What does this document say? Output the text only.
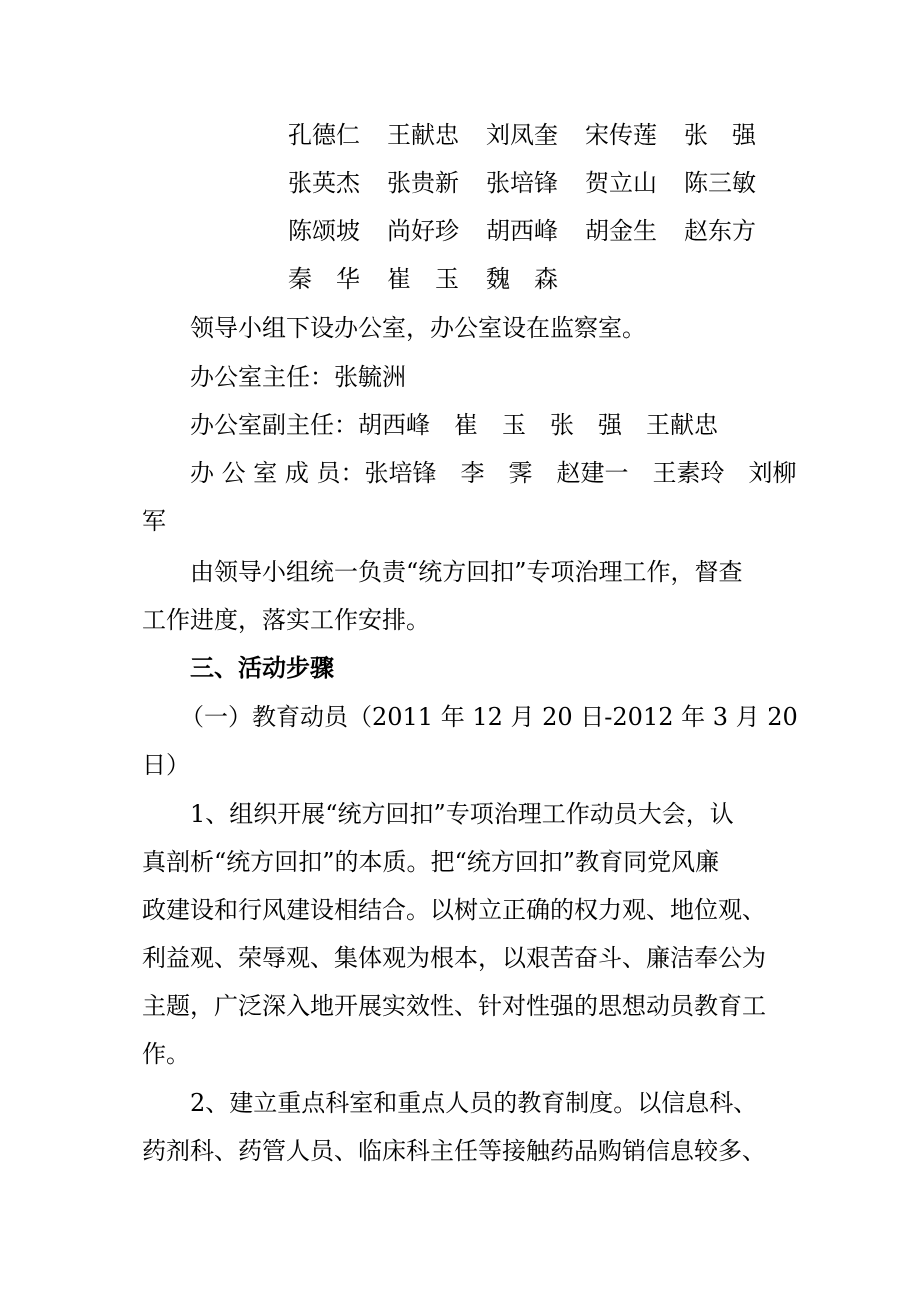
孔德仁 王献忠 刘凤奎 宋传莲 张　强
张英杰 张贵新 张培锋 贺立山 陈三敏
陈颂坡 尚好珍 胡西峰 胡金生 赵东方
秦　华 崔　玉 魏　森
领导小组下设办公室，办公室设在监察室。
办公室主任：张毓洲
办公室副主任：胡西峰　崔　玉　张　强　王献忠
办 公 室 成 员：张培锋　李　霁　赵建一　王素玲　刘柳
军
由领导小组统一负责“统方回扣”专项治理工作，督查
工作进度，落实工作安排。
三、活动步骤
（一）教育动员（2011 年 12 月 20 日-2012 年 3 月 20
日）
1、组织开展“统方回扣”专项治理工作动员大会，认
真剖析“统方回扣”的本质。把“统方回扣”教育同党风廉
政建设和行风建设相结合。以树立正确的权力观、地位观、
利益观、荣辱观、集体观为根本，以艰苦奋斗、廉洁奉公为
主题，广泛深入地开展实效性、针对性强的思想动员教育工
作。
2、建立重点科室和重点人员的教育制度。以信息科、
药剂科、药管人员、临床科主任等接触药品购销信息较多、
